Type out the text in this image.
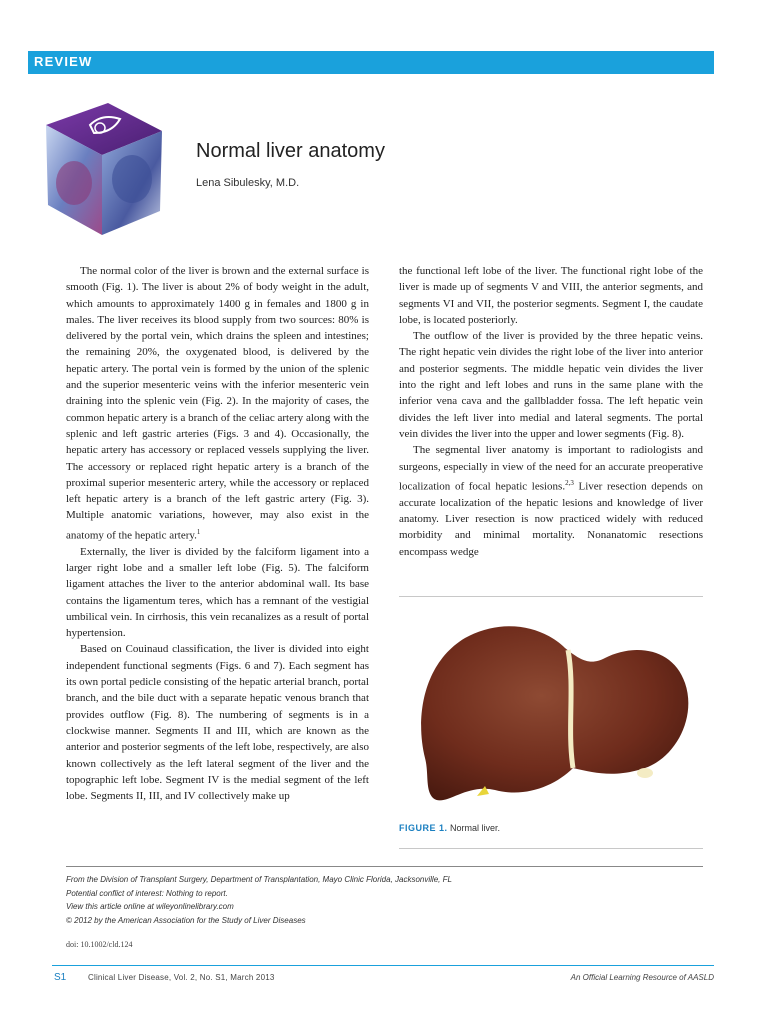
REVIEW
Normal liver anatomy
Lena Sibulesky, M.D.

The normal color of the liver is brown and the external surface is smooth (Fig. 1). The liver is about 2% of body weight in the adult, which amounts to approximately 1400 g in females and 1800 g in males. The liver receives its blood supply from two sources: 80% is delivered by the portal vein, which drains the spleen and intestines; the remaining 20%, the oxygenated blood, is delivered by the hepatic artery. The portal vein is formed by the union of the splenic and the superior mesenteric veins with the inferior mesenteric vein draining into the splenic vein (Fig. 2). In the majority of cases, the common hepatic artery is a branch of the celiac artery along with the splenic and left gastric arteries (Figs. 3 and 4). Occasionally, the hepatic artery has accessory or replaced vessels supplying the liver. The accessory or replaced right hepatic artery is a branch of the proximal superior mesenteric artery, while the accessory or replaced left hepatic artery is a branch of the left gastric artery (Fig. 3). Multiple anatomic variations, however, may also exist in the anatomy of the hepatic artery.$^1$

Externally, the liver is divided by the falciform ligament into a larger right lobe and a smaller left lobe (Fig. 5). The falciform ligament attaches the liver to the anterior abdominal wall. Its base contains the ligamentum teres, which has a remnant of the vestigial umbilical vein. In cirrhosis, this vein recanalizes as a result of portal hypertension.

Based on Couinaud classification, the liver is divided into eight independent functional segments (Figs. 6 and 7). Each segment has its own portal pedicle consisting of the hepatic arterial branch, portal branch, and the bile duct with a separate hepatic venous branch that provides outflow (Fig. 8). The numbering of segments is in a clockwise manner. Segments II and III, which are known as the anterior and posterior segments of the left lobe, respectively, are also known collectively as the left lateral segment of the liver and the topographic left lobe. Segment IV is the medial segment of the left lobe. Segments II, III, and IV collectively make up

the functional left lobe of the liver. The functional right lobe of the liver is made up of segments V and VIII, the anterior segments, and segments VI and VII, the posterior segments. Segment I, the caudate lobe, is located posteriorly.

The outflow of the liver is provided by the three hepatic veins. The right hepatic vein divides the right lobe of the liver into anterior and posterior segments. The middle hepatic vein divides the liver into the right and left lobes and runs in the same plane with the inferior vena cava and the gallbladder fossa. The left hepatic vein divides the left liver into medial and lateral segments. The portal vein divides the liver into the upper and lower segments (Fig. 8).

The segmental liver anatomy is important to radiologists and surgeons, especially in view of the need for an accurate preoperative localization of focal hepatic lesions.$^{2,3}$ Liver resection depends on accurate localization of the hepatic lesions and knowledge of liver anatomy. Liver resection is now practiced widely with reduced morbidity and minimal mortality. Nonanatomic resections encompass wedge

FIGURE 1. Normal liver.
From the Division of Transplant Surgery, Department of Transplantation, Mayo Clinic Florida, Jacksonville, FL
Potential conflict of interest: Nothing to report.
View this article online at wileyonlinelibrary.com
© 2012 by the American Association for the Study of Liver Diseases
doi: 10.1002/cld.124
S1	Clinical Liver Disease, Vol. 2, No. S1, March 2013	An Official Learning Resource of AASLD
